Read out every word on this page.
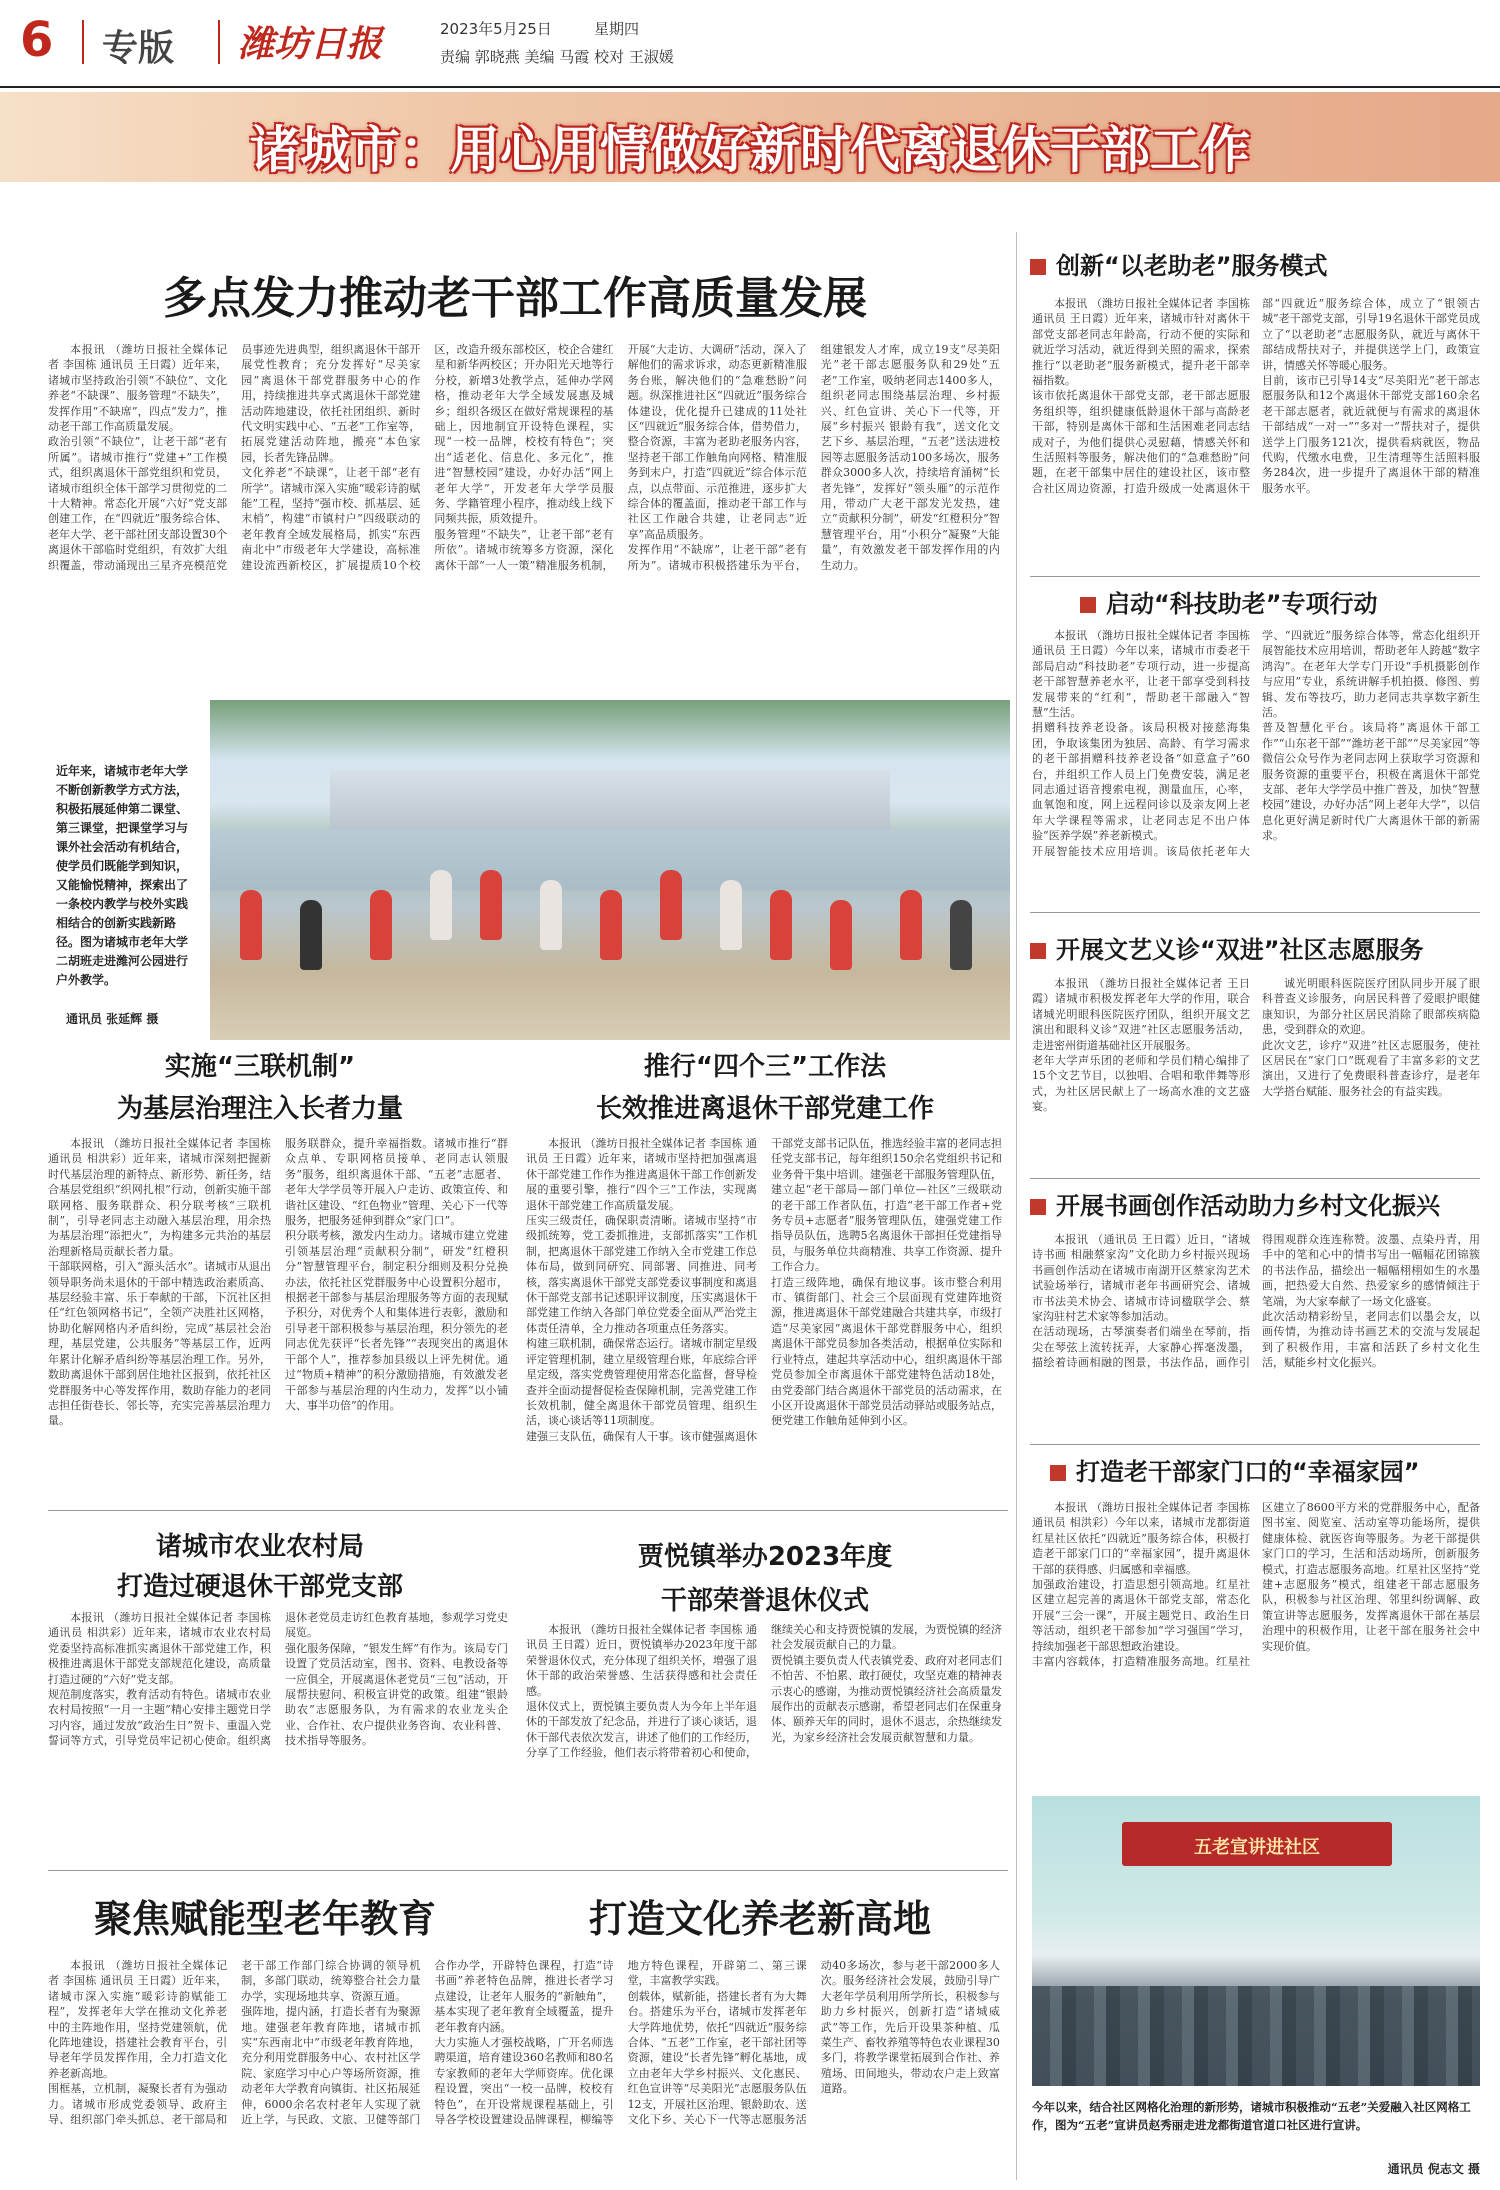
6	专版	潍坊日报	2023年5月25日	星期四
责编 郭晓燕 美编 马霞 校对 王淑媛
诸城市：用心用情做好新时代离退休干部工作
多点发力推动老干部工作高质量发展
本报讯 （潍坊日报社全媒体记者 李国栋 通讯员 王日霞）近年来，诸城市坚持政治引领“不缺位”、文化养老“不缺课”、服务管理“不缺失”，发挥作用“不缺席”，四点“发力”，推动老干部工作高质量发展。
政治引领“不缺位”，让老干部“老有所属”。诸城市推行“党建+”工作模式，组织离退休干部党组织和党员，诸城市组织全体干部学习贯彻党的二十大精神。常态化开展“六好”党支部创建工作，在“四就近”服务综合体、老年大学、老干部社团支部设置30个离退休干部临时党组织，有效扩大组织覆盖，带动涌现出三星齐亮模范党员事迹先进典型，组织离退休干部开展党性教育；充分发挥好“尽美家园”离退休干部党群服务中心的作用，持续推进共享式离退休干部党建活动阵地建设，依托社团组织、新时代文明实践中心、“五老”工作室等，拓展党建活动阵地，搬亮“本色家园，长者先锋品牌。
文化养老“不缺课”，让老干部“老有所学”。诸城市深入实施“暖彩诗韵赋能”工程，坚持“强市校、抓基层、延末梢”，构建“市镇村户”四级联动的老年教育全域发展格局，抓实“东西南北中”市级老年大学建设，高标准建设流西新校区，扩展提质10个校区，改造升级东部校区，校企合建红星和新华两校区；开办阳光天地等行分校，新增3处教学点，延伸办学网格，推动老年大学全域发展惠及城乡；组织各级区在做好常规课程的基础上，因地制宜开设特色课程，实现“一校一品牌，校校有特色”；突出“适老化、信息化、多元化”，推进“智慧校园”建设，办好办活“网上老年大学”，开发老年大学学员服务、学籍管理小程序，推动线上线下同频共振，质效提升。
服务管理“不缺失”，让老干部“老有所依”。诸城市统筹多方资源，深化离休干部“一人一策”精准服务机制，开展“大走访、大调研”活动，深入了解他们的需求诉求，动态更新精准服务台账，解决他们的“急难愁盼”问题。纵深推进社区“四就近”服务综合体建设，优化提升已建成的11处社区“四就近”服务综合体，借势借力，整合资源，丰富为老助老服务内容，坚持老干部工作触角向网格、精准服务到末户，打造“四就近”综合体示范点，以点带面、示范推进，逐步扩大综合体的覆盖面，推动老干部工作与社区工作融合共建，让老同志“近享”高品质服务。
发挥作用“不缺席”，让老干部“老有所为”。诸城市积极搭建乐为平台，组建银发人才库，成立19支“尽美阳光”老干部志愿服务队和29处“五老”工作室，吸纳老同志1400多人，组织老同志围绕基层治理、乡村振兴、红色宣讲、关心下一代等，开展“乡村振兴 银龄有我”，送文化文艺下乡、基层治理，“五老”送法进校园等志愿服务活动100多场次，服务群众3000多人次，持续培育涌树“长者先锋”，发挥好“领头雁”的示范作用，带动广大老干部发光发热，建立“贡献积分制”，研发“红橙积分”智慧管理平台，用“小积分”凝聚“大能量”，有效激发老干部发挥作用的内生动力。
近年来，诸城市老年大学不断创新教学方式方法，积极拓展延伸第二课堂、第三课堂，把课堂学习与课外社会活动有机结合，使学员们既能学到知识，又能愉悦精神，探索出了一条校内教学与校外实践相结合的创新实践新路径。图为诸城市老年大学二胡班走进潍河公园进行户外教学。
通讯员 张延辉 摄
实施“三联机制”
为基层治理注入长者力量
本报讯 （潍坊日报社全媒体记者 李国栋 通讯员 相洪彩）近年来，诸城市深刻把握新时代基层治理的新特点、新形势、新任务，结合基层党组织“织网扎根”行动，创新实施干部联网格、服务联群众、积分联考核“三联机制”，引导老同志主动融入基层治理，用余热为基层治理“添把火”，为构建多元共治的基层治理新格局贡献长者力量。
干部联网格，引入“源头活水”。诸城市从退出领导职务尚未退休的干部中精选政治素质高、基层经验丰富、乐于奉献的干部，下沉社区担任“红色领网格书记”，全领产决胜社区网格，协助化解网格内矛盾纠纷，完成“基层社会治理，基层党建，公共服务”等基层工作，近两年累计化解矛盾纠纷等基层治理工作。另外，数助离退休干部到居住地社区报到，依托社区党群服务中心等发挥作用，数助存能力的老同志担任街巷长、邻长等，充实完善基层治理力量。
服务联群众，提升幸福指数。诸城市推行“群众点单、专职网格员接单、老同志认领服务”服务，组织离退休干部、“五老”志愿者、老年大学学员等开展入户走访、政策宣传、和谐社区建设、“红色物业”管理、关心下一代等服务，把服务延伸到群众“家门口”。
积分联考核，激发内生动力。诸城市建立党建引领基层治理“贡献积分制”，研发“红橙积分”智慧管理平台，制定积分细则及积分兑换办法，依托社区党群服务中心设置积分超市，根据老干部参与基层治理服务等方面的表现赋予积分，对优秀个人和集体进行表彰，激励和引导老干部积极参与基层治理，积分领先的老同志优先获评“长者先锋”“表现突出的离退休干部个人”，推荐参加县级以上评先树优。通过“物质+精神”的积分激励措施，有效激发老干部参与基层治理的内生动力，发挥“以小铺大、事半功倍”的作用。
推行“四个三”工作法
长效推进离退休干部党建工作
本报讯 （潍坊日报社全媒体记者 李国栋 通讯员 王日霞）近年来，诸城市坚持把加强离退休干部党建工作作为推进离退休干部工作创新发展的重要引擎，推行“四个三”工作法，实现离退休干部党建工作高质量发展。
压实三级责任，确保职责清晰。诸城市坚持“市级抓统筹，党工委抓推进，支部抓落实”工作机制，把离退休干部党建工作纳入全市党建工作总体布局，做到同研究、同部署、同推进、同考核，落实离退休干部党支部党委议事制度和离退休干部党支部书记述职评议制度，压实离退休干部党建工作纳入各部门单位党委全面从严治党主体责任清单，全力推动各项重点任务落实。
构建三联机制，确保常态运行。诸城市制定星级评定管理机制，建立星级管理台账，年底综合评星定级，落实党费管理使用常态化监督，督导检查并全面动提督促检查保障机制，完善党建工作长效机制，健全离退休干部党员管理、组织生活，谈心谈话等11项制度。
建强三支队伍，确保有人干事。该市健强离退休干部党支部书记队伍，推选经验丰富的老同志担任党支部书记，每年组织150余名党组织书记和业务骨干集中培训。建强老干部服务管理队伍，建立起“老干部局—部门单位—社区”三级联动的老干部工作者队伍，打造“老干部工作者+党务专员+志愿者”服务管理队伍，建强党建工作指导员队伍，选聘5名离退休干部担任党建指导员，与服务单位共商精准、共享工作资源、提升工作合力。
打造三级阵地，确保有地议事。该市整合利用市、镇街部门、社会三个层面现有党建阵地资源，推进离退休干部党建融合共建共享，市级打造“尽美家园”离退休干部党群服务中心，组织离退休干部党员参加各类活动，根据单位实际和行业特点，建起共享活动中心，组织离退休干部党员参加全市离退休干部党建特色活动18处，由党委部门结合离退休干部党员的活动需求，在小区开设离退休干部党员活动驿站或服务站点，便党建工作触角延伸到小区。
诸城市农业农村局
打造过硬退休干部党支部
本报讯 （潍坊日报社全媒体记者 李国栋 通讯员 相洪彩）近年来，诸城市农业农村局党委坚持高标准抓实离退休干部党建工作，积极推进离退休干部党支部规范化建设，高质量打造过硬的“六好”党支部。
规范制度落实，教育活动有特色。诸城市农业农村局按照“一月一主题”精心安排主题党日学习内容，通过发放“政治生日”贺卡、重温入党誓词等方式，引导党员牢记初心使命。组织离退休老党员走访红色教育基地，参观学习党史展览。
强化服务保障，“银发生辉”有作为。该局专门设置了党员活动室，图书、资料、电教设备等一应俱全，开展离退休老党员“三包”活动，开展帮扶慰问、积极宣讲党的政策。组建“银龄助农”志愿服务队，为有需求的农业龙头企业、合作社、农户提供业务咨询、农业科普、技术指导等服务。
贾悦镇举办2023年度
干部荣誉退休仪式
本报讯 （潍坊日报社全媒体记者 李国栋 通讯员 王日霞）近日，贾悦镇举办2023年度干部荣誉退休仪式，充分体现了组织关怀，增强了退休干部的政治荣誉感、生活获得感和社会责任感。
退休仪式上，贾悦镇主要负责人为今年上半年退休的干部发放了纪念品，并进行了谈心谈话，退休干部代表依次发言，讲述了他们的工作经历，分享了工作经验，他们表示将带着初心和使命，继续关心和支持贾悦镇的发展，为贾悦镇的经济社会发展贡献自己的力量。
贾悦镇主要负责人代表镇党委、政府对老同志们不怕苦、不怕累、敢打硬仗，攻坚克难的精神表示衷心的感谢，为推动贾悦镇经济社会高质量发展作出的贡献表示感谢，希望老同志们在保重身体、颐养天年的同时，退休不退志，余热继续发光，为家乡经济社会发展贡献智慧和力量。
聚焦赋能型老年教育	打造文化养老新高地
本报讯 （潍坊日报社全媒体记者 李国栋 通讯员 王日霞）近年来，诸城市深入实施“暖彩诗韵赋能工程”，发挥老年大学在推动文化养老中的主阵地作用，坚持党建领航，优化阵地建设，搭建社会教育平台，引导老年学员发挥作用，全力打造文化养老新高地。
围框基，立机制，凝聚长者有为强动力。诸城市形成党委领导、政府主导、组织部门牵头抓总、老干部局和老干部工作部门综合协调的领导机制，多部门联动，统筹整合社会力量办学，实现场地共享、资源互通。
强阵地，提内涵，打造长者有为聚源地。建强老年教育阵地，诸城市抓实“东西南北中”市级老年教育阵地，充分利用党群服务中心、农村社区学院、家庭学习中心户等场所资源，推动老年大学教育向镇街、社区拓展延伸，6000余名农村老年人实现了就近上学，与民政、文旅、卫健等部门合作办学，开辟特色课程，打造“诗书画”养老特色品牌，推进长者学习点建设，让老年人服务的“新触角”，基本实现了老年教育全域覆盖，提升老年教育内涵。
大力实施人才强校战略，广开名师选聘渠道，培育建设360名教师和80名专家教师的老年大学师资库。优化课程设置，突出“一校一品牌，校校有特色”，在开设常规课程基础上，引导各学校设置建设品牌课程，柳编等地方特色课程，开辟第二、第三课堂，丰富教学实践。
创载体，赋新能，搭建长者有为大舞台。搭建乐为平台，诸城市发挥老年大学阵地优势，依托“四就近”服务综合体、“五老”工作室，老干部社团等资源，建设“长者先锋”孵化基地，成立由老年大学乡村振兴、文化惠民、红色宣讲等“尽美阳光”志愿服务队伍12支，开展社区治理、银龄助农、送文化下乡、关心下一代等志愿服务活动40多场次，参与老干部2000多人次。服务经济社会发展，鼓励引导广大老年学员利用所学所长，积极参与助力乡村振兴，创新打造“诸城威武”等工作，先后开设果茶种植、瓜菜生产、畜牧养殖等特色农业课程30多门，将教学课堂拓展到合作社、养殖场、田间地头，带动农户走上致富道路。
创新“以老助老”服务模式
本报讯 （潍坊日报社全媒体记者 李国栋 通讯员 王日霞）近年来，诸城市针对离休干部党支部老同志年龄高，行动不便的实际和就近学习活动，就近得到关照的需求，探索推行“以老助老”服务新模式，提升老干部幸福指数。
该市依托离退休干部党支部，老干部志愿服务组织等，组织健康低龄退休干部与高龄老干部，特别是离休干部和生活困难老同志结成对子，为他们提供心灵慰藉，情感关怀和生活照料等服务，解决他们的“急难愁盼”问题，在老干部集中居住的建设社区，该市整合社区周边资源，打造升级成一处离退休干部“四就近”服务综合体，成立了“银领古城”老干部党支部，引导19名退休干部党员成立了“以老助老”志愿服务队，就近与离休干部结成帮扶对子，并提供送学上门，政策宣讲，情感关怀等暖心服务。
目前，该市已引导14支“尽美阳光”老干部志愿服务队和12个离退休干部党支部160余名老干部志愿者，就近就便与有需求的离退休干部结成“一对一”“多对一”帮扶对子，提供送学上门服务121次，提供看病就医，物品代购，代缴水电费，卫生清理等生活照料服务284次，进一步提升了离退休干部的精准服务水平。
启动“科技助老”专项行动
本报讯 （潍坊日报社全媒体记者 李国栋 通讯员 王日霞）今年以来，诸城市市委老干部局启动“科技助老”专项行动，进一步提高老干部智慧养老水平，让老干部享受到科技发展带来的“红利”，帮助老干部融入“智慧”生活。
捐赠科技养老设备。该局积极对接慈海集团，争取该集团为独居、高龄、有学习需求的老干部捐赠科技养老设备“如意盒子”60台，并组织工作人员上门免费安装，满足老同志通过语音搜索电视，测量血压，心率，血氧饱和度，网上远程问诊以及亲友网上老年大学课程等需求，让老同志足不出户体验“医养学娱”养老新模式。
开展智能技术应用培训。该局依托老年大学、“四就近”服务综合体等，常态化组织开展智能技术应用培训，帮助老年人跨越“数字鸿沟”。在老年大学专门开设“手机摄影创作与应用”专业，系统讲解手机拍摄、修图、剪辑、发布等技巧，助力老同志共享数字新生活。
普及智慧化平台。该局将“离退休干部工作”“山东老干部”“潍坊老干部”“尽美家园”等微信公众号作为老同志网上获取学习资源和服务资源的重要平台，积极在离退休干部党支部、老年大学学员中推广普及，加快“智慧校园”建设，办好办活“网上老年大学”，以信息化更好满足新时代广大离退休干部的新需求。
开展文艺义诊“双进”社区志愿服务
本报讯 （潍坊日报社全媒体记者 王日霞）诸城市积极发挥老年大学的作用，联合诸城光明眼科医院医疗团队，组织开展文艺演出和眼科义诊“双进”社区志愿服务活动，走进密州街道基础社区开展服务。
老年大学声乐团的老师和学员们精心编排了15个文艺节目，以独唱、合唱和歌伴舞等形式，为社区居民献上了一场高水准的文艺盛宴。
诚光明眼科医院医疗团队同步开展了眼科普查义诊服务，向居民科普了爱眼护眼健康知识，为部分社区居民消除了眼部疾病隐患，受到群众的欢迎。
此次文艺，诊疗“双进”社区志愿服务，使社区居民在“家门口”既观看了丰富多彩的文艺演出，又进行了免费眼科普查诊疗，是老年大学搭台赋能、服务社会的有益实践。
开展书画创作活动助力乡村文化振兴
本报讯 （通讯员 王日霞）近日，“诸城诗书画 相融蔡家沟”文化助力乡村振兴现场书画创作活动在诸城市南湖开区蔡家沟艺术试验场举行，诸城市老年书画研究会、诸城市书法美术协会、诸城市诗词楹联学会、蔡家沟驻村艺术家等参加活动。
在活动现场，古琴演奏者们端坐在琴前，指尖在琴弦上流转抚弄，大家静心挥毫泼墨，描绘着诗画相融的图景，书法作品，画作引得围观群众连连称赞。波墨、点染丹青，用手中的笔和心中的情书写出一幅幅花团锦簇的书法作品，描绘出一幅幅栩栩如生的水墨画，把热爱大自然、热爱家乡的感情倾注于笔端，为大家奉献了一场文化盛宴。
此次活动精彩纷呈，老同志们以墨会友，以画传情，为推动诗书画艺术的交流与发展起到了积极作用，丰富和活跃了乡村文化生活，赋能乡村文化振兴。
打造老干部家门口的“幸福家园”
本报讯 （潍坊日报社全媒体记者 李国栋 通讯员 相洪彩）今年以来，诸城市龙都街道红星社区依托“四就近”服务综合体，积极打造老干部家门口的“幸福家园”，提升离退休干部的获得感、归属感和幸福感。
加强政治建设，打造思想引领高地。红星社区建立起完善的离退休干部党支部，常态化开展“三会一课”，开展主题党日、政治生日等活动，组织老干部参加“学习强国”学习，持续加强老干部思想政治建设。
丰富内容载体，打造精准服务高地。红星社区建立了8600平方米的党群服务中心，配备图书室、阅览室、活动室等功能场所，提供健康体检、就医咨询等服务。为老干部提供家门口的学习，生活和活动场所，创新服务模式，打造志愿服务高地。红星社区坚持“党建+志愿服务”模式，组建老干部志愿服务队，积极参与社区治理、邻里纠纷调解、政策宣讲等志愿服务，发挥离退休干部在基层治理中的积极作用，让老干部在服务社会中实现价值。
五老宣讲进社区
今年以来，结合社区网格化治理的新形势，诸城市积极推动“五老”关爱融入社区网格工作，图为“五老”宣讲员赵秀丽走进龙都街道官道口社区进行宣讲。
通讯员 倪志文 摄
